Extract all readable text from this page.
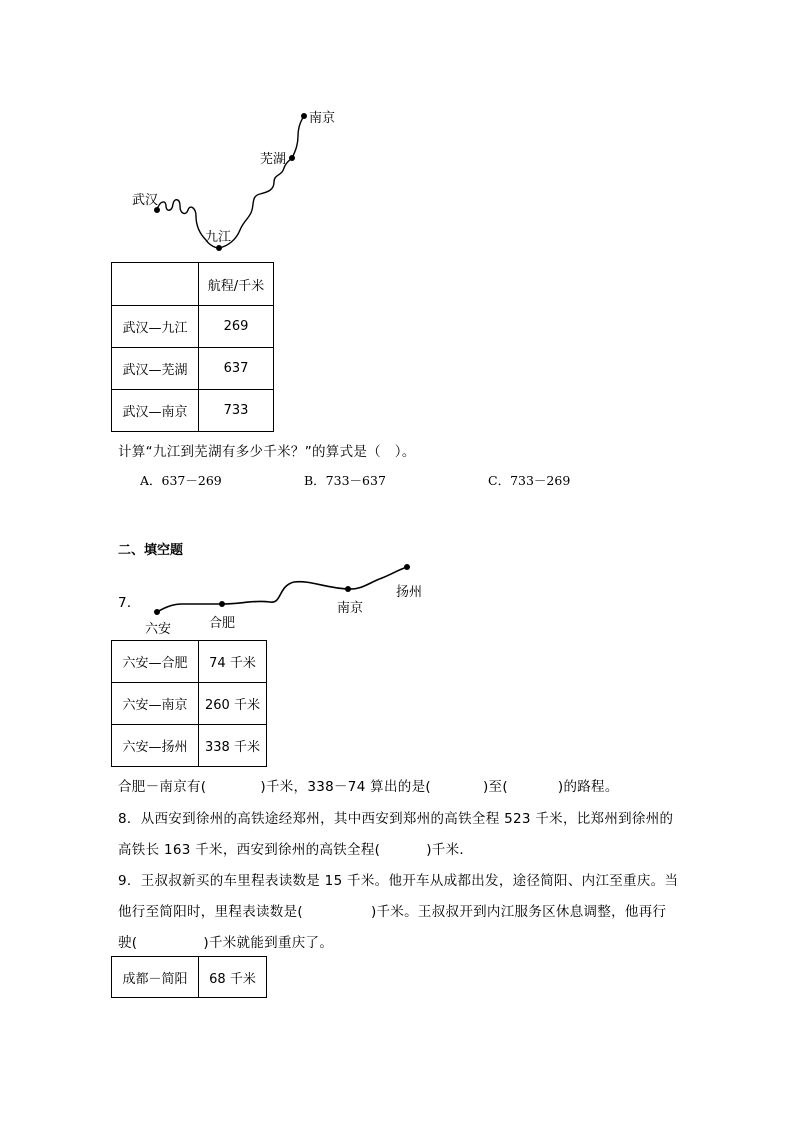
南京
芜湖
武汉
九江
	航程/千米
武汉—九江	269
武汉—芜湖	637
武汉—南京	733
计算“九江到芜湖有多少千米？”的算式是（　）。
A．637－269	B．733－637	C．733－269
二、填空题
7．
六安	合肥
南京
扬州
六安—合肥	74 千米
六安—南京	260 千米
六安—扬州	338 千米
合肥－南京有(	)千米，338－74 算出的是(	)至(	)的路程。
8．从西安到徐州的高铁途经郑州，其中西安到郑州的高铁全程 523 千米，比郑州到徐州的
高铁长 163 千米，西安到徐州的高铁全程(	)千米．
9．王叔叔新买的车里程表读数是 15 千米。他开车从成都出发，途径简阳、内江至重庆。当
他行至简阳时，里程表读数是(	)千米。王叔叔开到内江服务区休息调整，他再行
驶(	)千米就能到重庆了。
成都－简阳	68 千米
